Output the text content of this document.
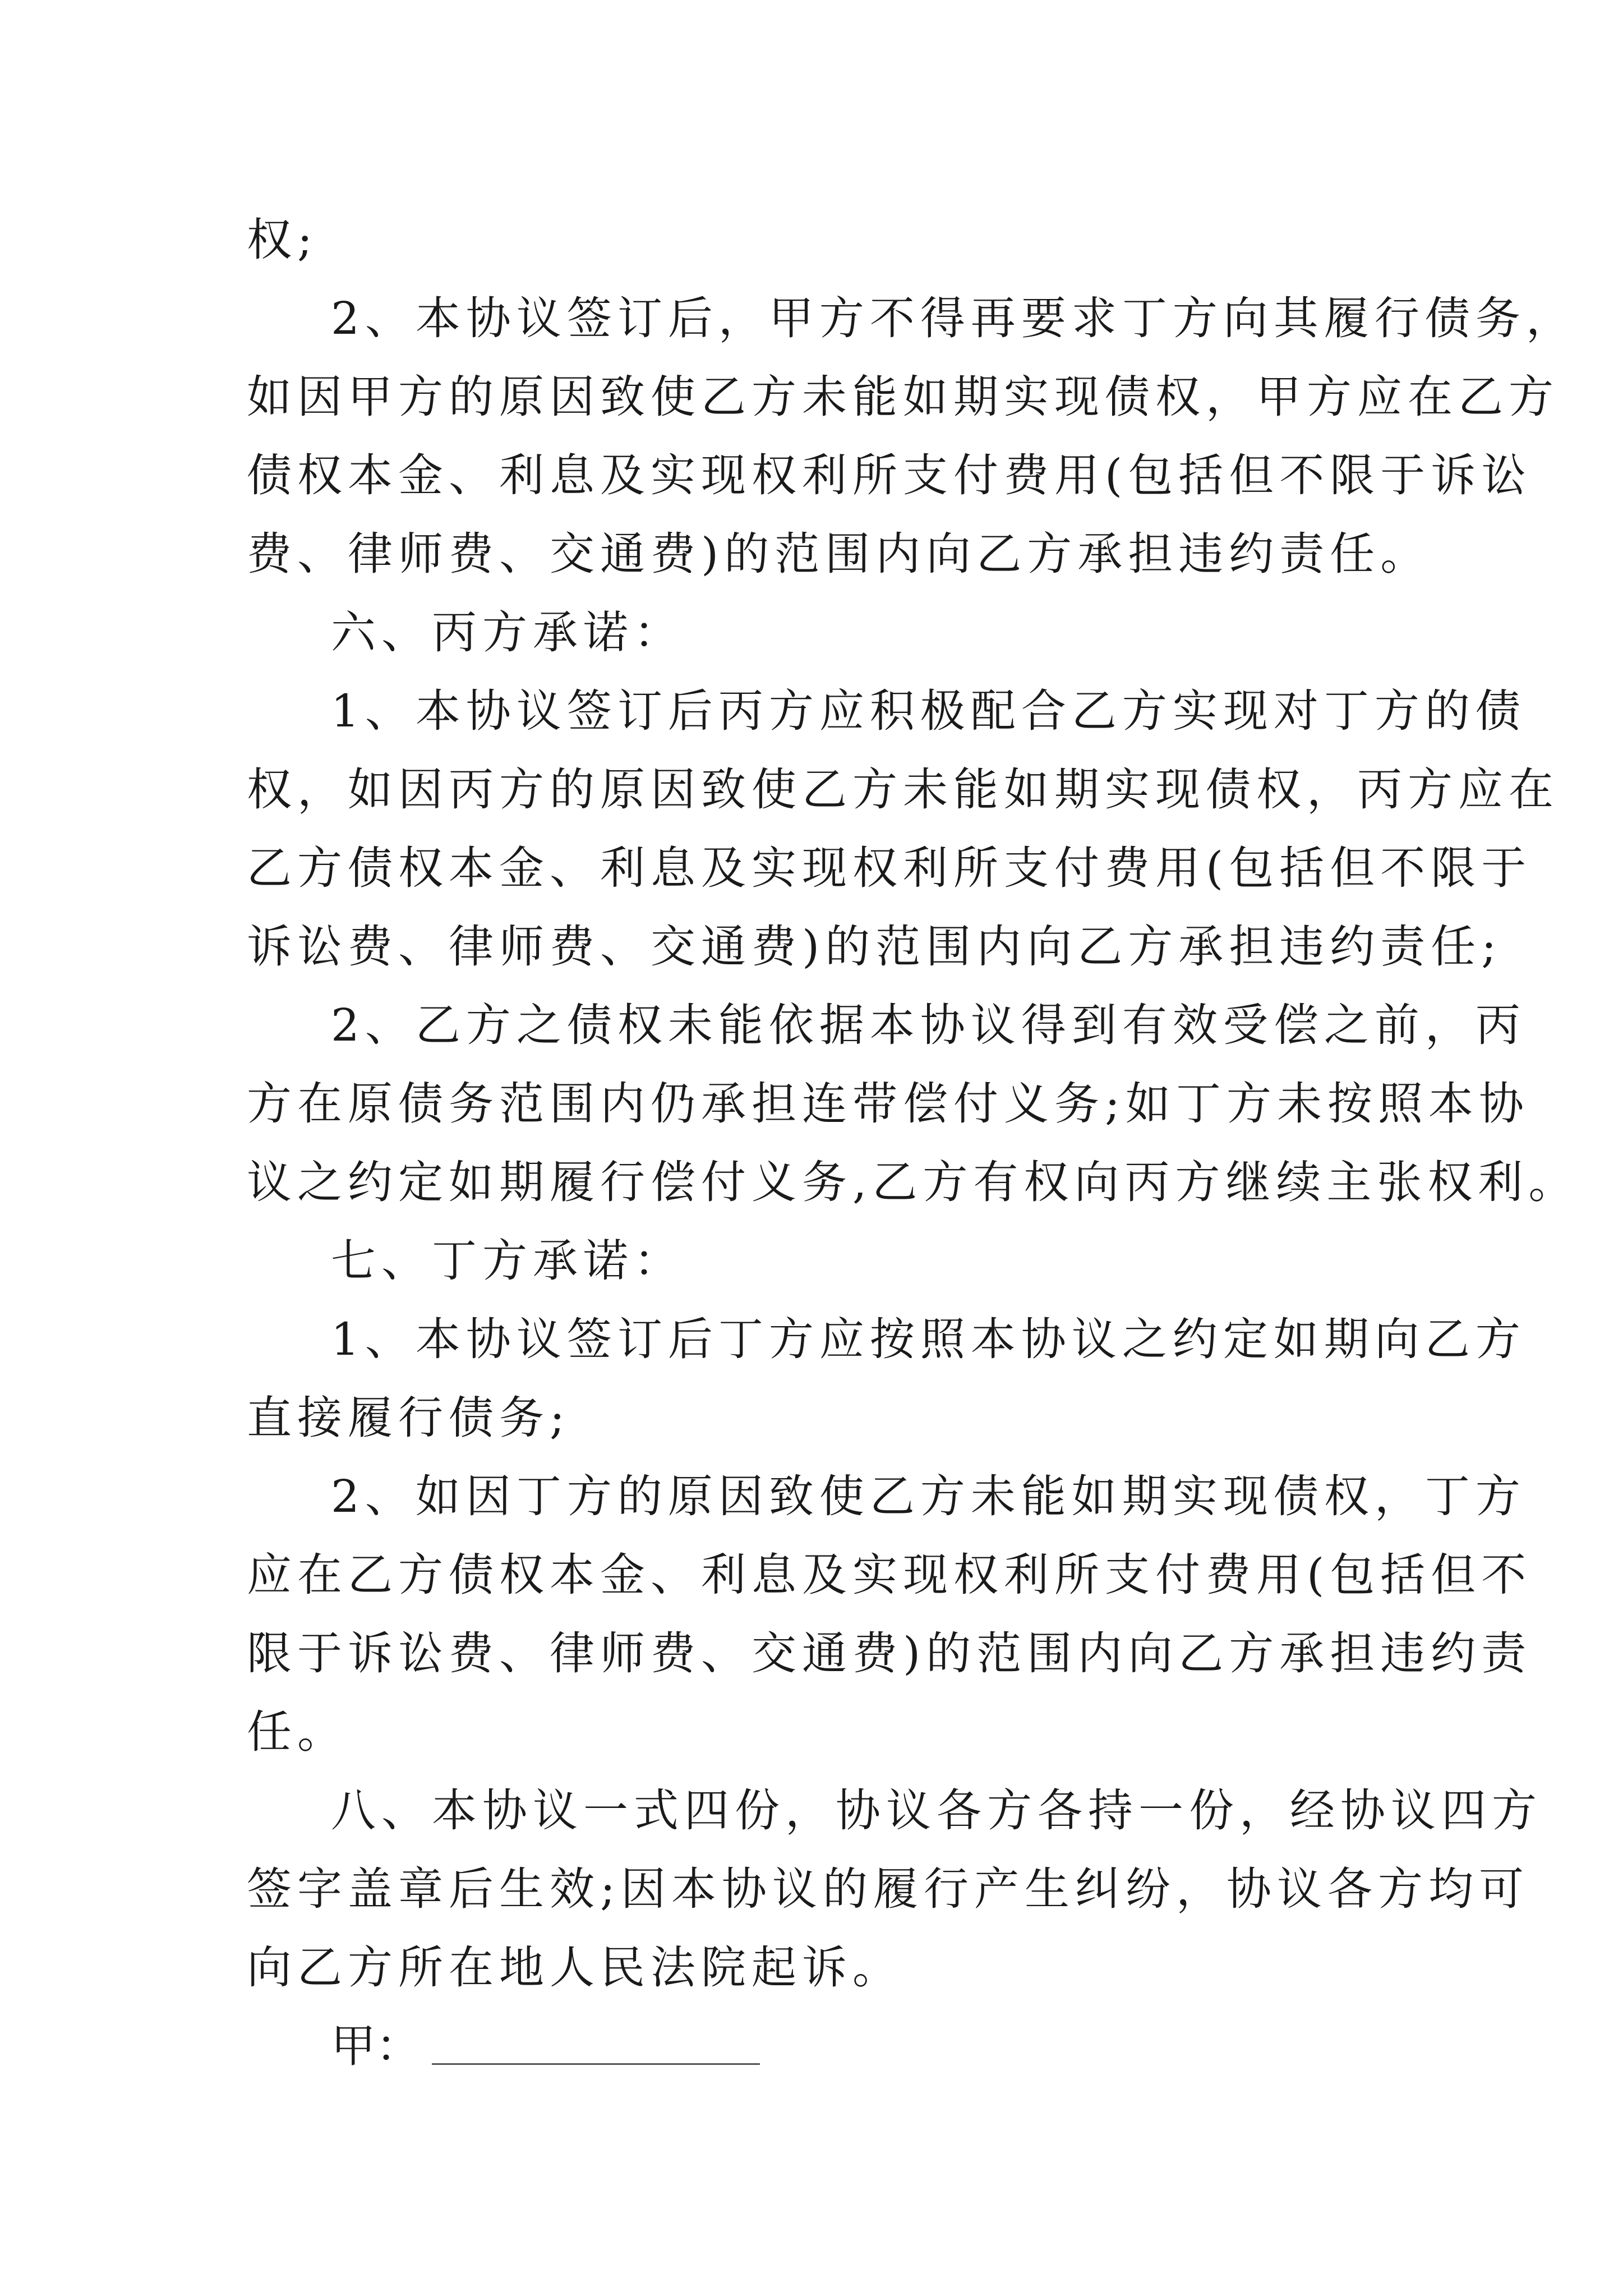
权;
2、本协议签订后，甲方不得再要求丁方向其履行债务，
如因甲方的原因致使乙方未能如期实现债权，甲方应在乙方
债权本金、利息及实现权利所支付费用(包括但不限于诉讼
费、律师费、交通费)的范围内向乙方承担违约责任。
六、丙方承诺：
1、本协议签订后丙方应积极配合乙方实现对丁方的债
权，如因丙方的原因致使乙方未能如期实现债权，丙方应在
乙方债权本金、利息及实现权利所支付费用(包括但不限于
诉讼费、律师费、交通费)的范围内向乙方承担违约责任;
2、乙方之债权未能依据本协议得到有效受偿之前，丙
方在原债务范围内仍承担连带偿付义务;如丁方未按照本协
议之约定如期履行偿付义务,乙方有权向丙方继续主张权利。
七、丁方承诺：
1、本协议签订后丁方应按照本协议之约定如期向乙方
直接履行债务;
2、如因丁方的原因致使乙方未能如期实现债权，丁方
应在乙方债权本金、利息及实现权利所支付费用(包括但不
限于诉讼费、律师费、交通费)的范围内向乙方承担违约责
任。
八、本协议一式四份，协议各方各持一份，经协议四方
签字盖章后生效;因本协议的履行产生纠纷，协议各方均可
向乙方所在地人民法院起诉。
甲：
